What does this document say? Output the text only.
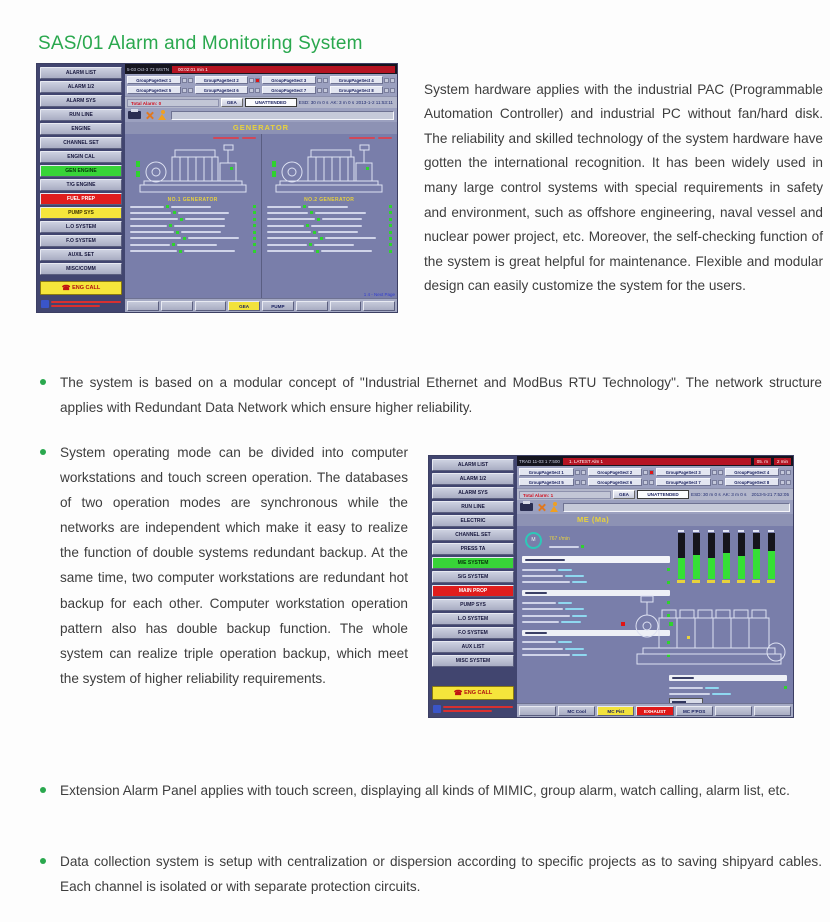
SAS/01 Alarm and Monitoring System
ALARM LIST
ALARM 1/2
ALARM SYS
RUN LINE
ENGINE
CHANNEL SET
ENGIN CAL
GEN ENGINE
T/G ENGINE
FUEL PREP
PUMP SYS
L.O SYSTEM
F.O SYSTEM
AUXIL SET
MISC/COMM
☎ ENG CALL
5-03 Oct-3 73 WSTN	00:02:01 min 1
GroupPageSect 1	GroupPageSect 2	GroupPageSect 3	GroupPageSect 4
GroupPageSect 5	GroupPageSect 6	GroupPageSect 7	GroupPageSect 8
Total Alarm: 0	GEA	UNATTENDED	ESD: 30 m 0 s AK: 3 m 0 s 2013-1-2 11:53:11
GENERATOR
NO.1 GENERATOR	NO.2 GENERATOR
1 4 - Next Page
GEA	PUMP

System hardware applies with the industrial PAC (Programmable Automation Controller) and industrial PC without fan/hard disk. The reliability and skilled technology of the system hardware have gotten the international recognition. It has been widely used in many large control systems with special requirements in safety and environment, such as offshore engineering, naval vessel and nuclear power project, etc. Moreover, the self-checking function of the system is great helpful for maintenance. Flexible and modular design can easily customize the system for the users.

The system is based on a modular concept of "Industrial Ethernet and ModBus RTU Technology". The network structure applies with Redundant Data Network which ensure higher reliability.
System operating mode can be divided into computer workstations and touch screen operation. The databases of two operation modes are synchronous while the networks are independent which make it easy to realize the function of double systems redundant backup. At the same time, two computer workstations are redundant hot backup for each other. Computer workstation operation pattern also has double backup function. The whole system can realize triple operation backup, which meet the system of higher reliability requirements.
ALARM LIST
ALARM 1/2
ALARM SYS
RUN LINE
ELECTRIC
CHANNEL SET
PRESS TA
M/E SYSTEM
S/G SYSTEM
MAIN PROP
PUMP SYS
L.O SYSTEM
F.O SYSTEM
AUX LIST
MISC SYSTEM
☎ ENG CALL
TRAD 11-03 1 7:500	1. LATEST Alm 1	05. m	2 min
GroupPageSect 1	GroupPageSect 2	GroupPageSect 3	GroupPageSect 4
GroupPageSect 5	GroupPageSect 6	GroupPageSect 7	GroupPageSect 8
Total Alarm: 1	GEA	UNATTENDED	ESD: 30 m 0 s AK: 3 m 0 s 2013-5-21 7:52:05
ME (Ma)
M	767 r/min
MC Cool	MC Pist	EXHAUST	MC P'POS
Extension Alarm Panel applies with touch screen, displaying all kinds of MIMIC, group alarm, watch calling, alarm list, etc.
Data collection system is setup with centralization or dispersion according to specific projects as to saving shipyard cables. Each channel is isolated or with separate protection circuits.
